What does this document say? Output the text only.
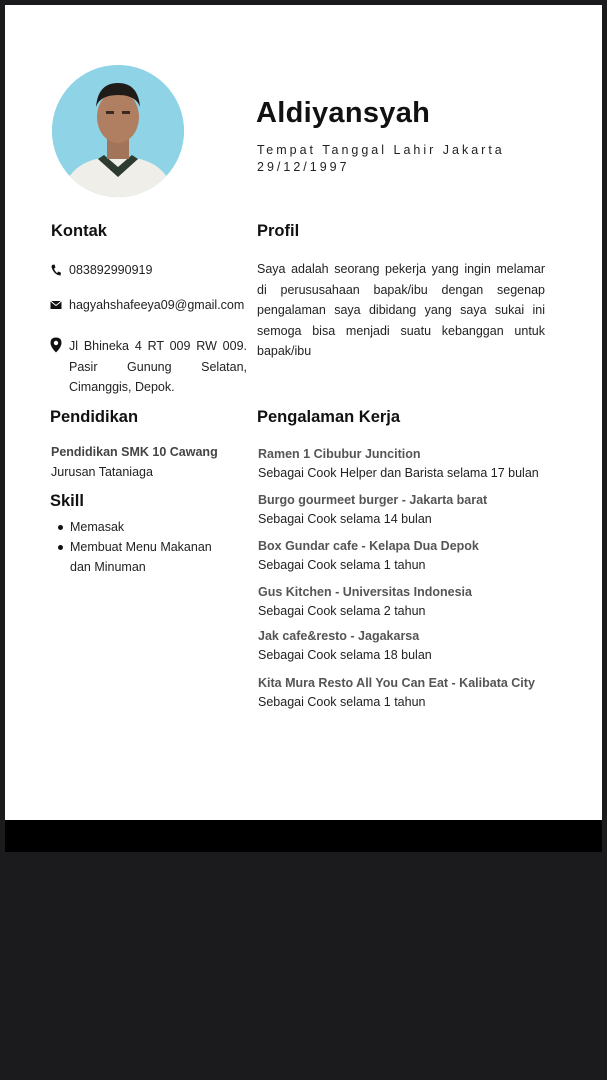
Aldiyansyah
Tempat Tanggal Lahir Jakarta
29/12/1997
Kontak
083892990919
hagyahshafeeya09@gmail.com
Jl Bhineka 4 RT 009 RW 009. Pasir Gunung Selatan, Cimanggis, Depok.
Profil
Saya adalah seorang pekerja yang ingin melamar di perususahaan bapak/ibu dengan segenap pengalaman saya dibidang yang saya sukai ini semoga bisa menjadi suatu kebanggan untuk bapak/ibu
Pendidikan
Pendidikan SMK 10 Cawang
Jurusan Tataniaga
Skill
Memasak
Membuat Menu Makanan dan Minuman
Pengalaman Kerja
Ramen 1 Cibubur Juncition
Sebagai Cook Helper dan Barista selama 17 bulan
Burgo gourmeet burger - Jakarta barat
Sebagai Cook selama 14 bulan
Box Gundar cafe - Kelapa Dua Depok
Sebagai Cook selama 1 tahun
Gus Kitchen - Universitas Indonesia
Sebagai Cook selama 2 tahun
Jak cafe&resto - Jagakarsa
Sebagai Cook selama 18 bulan
Kita Mura Resto All You Can Eat - Kalibata City
Sebagai Cook selama 1 tahun
